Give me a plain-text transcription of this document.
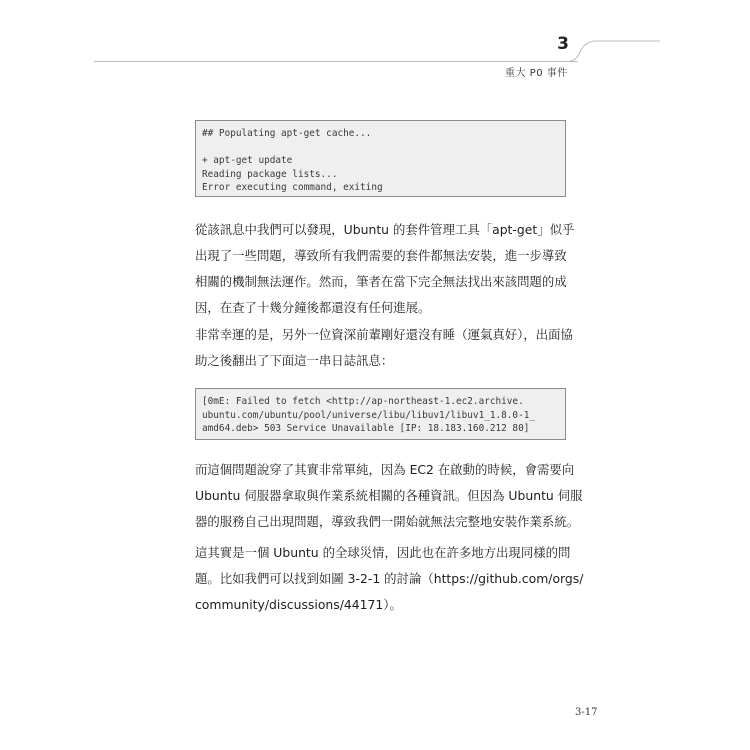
3
重大 P0 事件
## Populating apt-get cache...
+ apt-get update
Reading package lists...
Error executing command, exiting
從該訊息中我們可以發現，Ubuntu 的套件管理工具「apt-get」似乎
出現了一些問題，導致所有我們需要的套件都無法安裝，進一步導致
相關的機制無法運作。然而，筆者在當下完全無法找出來該問題的成
因，在查了十幾分鐘後都還沒有任何進展。
非常幸運的是，另外一位資深前輩剛好還沒有睡（運氣真好），出面協
助之後翻出了下面這一串日誌訊息：
[0mE: Failed to fetch <http://ap-northeast-1.ec2.archive.
ubuntu.com/ubuntu/pool/universe/libu/libuv1/libuv1_1.8.0-1_
amd64.deb> 503 Service Unavailable [IP: 18.183.160.212 80]
而這個問題說穿了其實非常單純，因為 EC2 在啟動的時候，會需要向
Ubuntu 伺服器拿取與作業系統相關的各種資訊。但因為 Ubuntu 伺服
器的服務自己出現問題，導致我們一開始就無法完整地安裝作業系統。
這其實是一個 Ubuntu 的全球災情，因此也在許多地方出現同樣的問
題。比如我們可以找到如圖 3-2-1 的討論（https://github.com/orgs/
community/discussions/44171）。
3-17
